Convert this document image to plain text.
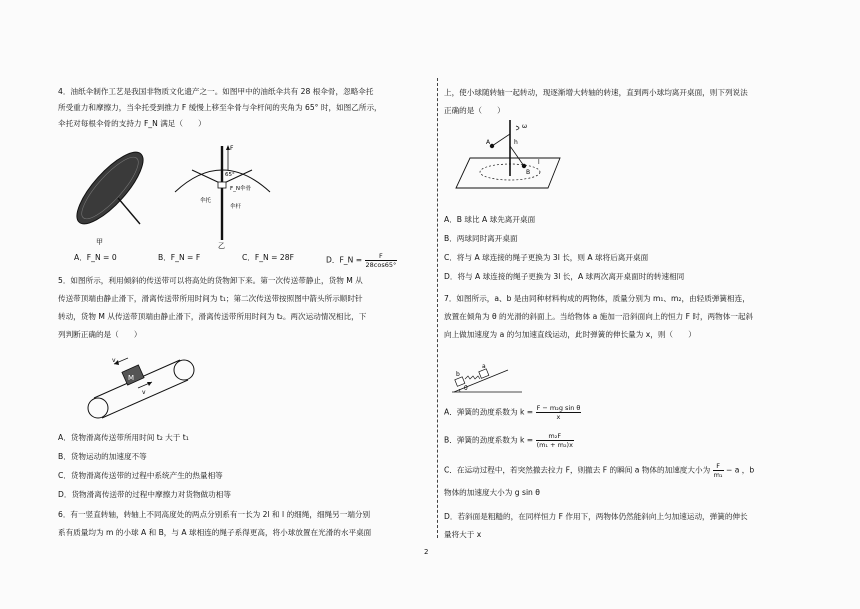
4．油纸伞制作工艺是我国非物质文化遗产之一。如图甲中的油纸伞共有 28 根伞骨，忽略伞托

所受重力和摩擦力，当伞托受到推力 F 缓慢上移至伞骨与伞杆间的夹角为 65° 时，如图乙所示，

伞托对每根伞骨的支持力 F_N 满足（　　）

甲
F
65°
F_N 伞骨
伞托
伞杆
乙
A．F_N = 0	B．F_N = F	C．F_N = 28F	D．F_N = $\frac{F}{28\cos 65^\circ}$

5．如图所示，利用倾斜的传送带可以将高处的货物卸下来。第一次传送带静止，货物 M 从

传送带顶端由静止滑下，滑离传送带所用时间为 t₁；第二次传送带按照图中箭头所示顺时针

转动，货物 M 从传送带顶端由静止滑下，滑离传送带所用时间为 t₂。两次运动情况相比，下

列判断正确的是（　　）

M
v
v

A．货物滑离传送带所用时间 t₂ 大于 t₁

B．货物运动的加速度不等

C．货物滑离传送带的过程中系统产生的热量相等

D．货物滑离传送带的过程中摩擦力对货物做功相等

6．有一竖直转轴，转轴上不同高度处的两点分别系有一长为 2l 和 l 的细绳，细绳另一端分别

系有质量均为 m 的小球 A 和 B，与 A 球相连的绳子系得更高，将小球放置在光滑的水平桌面

上，使小球随转轴一起转动，现逐渐增大转轴的转速，直到两小球均离开桌面，则下列说法

正确的是（　　）

ω
A	h
B
l

A．B 球比 A 球先离开桌面

B．两球同时离开桌面

C．将与 A 球连接的绳子更换为 3l 长，则 A 球将后离开桌面

D．将与 A 球连接的绳子更换为 3l 长，A 球两次离开桌面时的转速相同

7．如图所示，a、b 是由同种材料构成的两物体，质量分别为 m₁、m₂，由轻质弹簧相连，

放置在倾角为 θ 的光滑的斜面上。当给物体 a 施加一沿斜面向上的恒力 F 时，两物体一起斜

向上做加速度为 a 的匀加速直线运动，此时弹簧的伸长量为 x，则（　　）

b
a
θ
A．弹簧的劲度系数为 $k = \frac{\text{F − m₂g sin θ}}{x}$
B．弹簧的劲度系数为 $k = \frac{\text{m₂F}}{\text{(m₁ + m₂)x}}$
C．在运动过程中，若突然撤去拉力 F，则撤去 F 的瞬间 a 物体的加速度大小为 $\frac{F}{\text{m₁}} - a$ ，b

物体的加速度大小为 g sin θ

D．若斜面是粗糙的，在同样恒力 F 作用下，两物体仍然能斜向上匀加速运动，弹簧的伸长

量将大于 x

2
